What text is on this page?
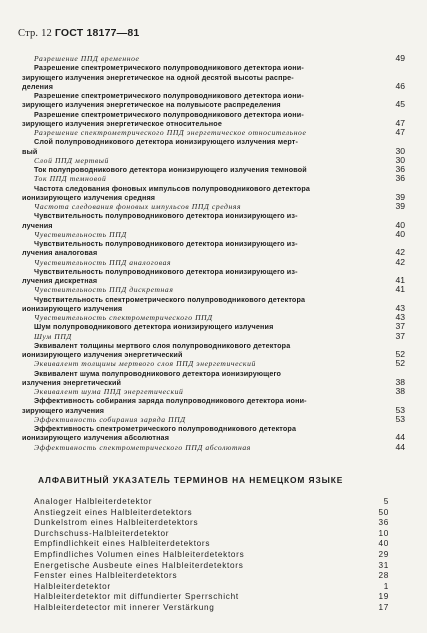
Стр. 12 ГОСТ 18177—81
Разрешение ППД временное	49
Разрешение спектрометрического полупроводникового детектора иони-
зирующего излучения энергетическое на одной десятой высоты распре-
деления	46
Разрешение спектрометрического полупроводникового детектора иони-
зирующего излучения энергетическое на полувысоте распределения	45
Разрешение спектрометрического полупроводникового детектора иони-
зирующего излучения энергетическое относительное	47
Разрешение спектрометрического ППД энергетическое относительное	47
Слой полупроводникового детектора ионизирующего излучения мерт-
вый	30
Слой ППД мертвый	30
Ток полупроводникового детектора ионизирующего излучения темновой	36
Ток ППД темновой	36
Частота следования фоновых импульсов полупроводникового детектора
ионизирующего излучения средняя	39
Частота следования фоновых импульсов ППД средняя	39
Чувствительность полупроводникового детектора ионизирующего из-
лучения	40
Чувствительность ППД	40
Чувствительность полупроводникового детектора ионизирующего из-
лучения аналоговая	42
Чувствительность ППД аналоговая	42
Чувствительность полупроводникового детектора ионизирующего из-
лучения дискретная	41
Чувствительность ППД дискретная	41
Чувствительность спектрометрического полупроводникового детектора
ионизирующего излучения	43
Чувствительность спектрометрического ППД	43
Шум полупроводникового детектора ионизирующего излучения	37
Шум ППД	37
Эквивалент толщины мертвого слоя полупроводникового детектора
ионизирующего излучения энергетический	52
Эквивалент толщины мертвого слоя ППД энергетический	52
Эквивалент шума полупроводникового детектора ионизирующего
излучения энергетический	38
Эквивалент шума ППД энергетический	38
Эффективность собирания заряда полупроводникового детектора иони-
зирующего излучения	53
Эффективность собирания заряда ППД	53
Эффективность спектрометрического полупроводникового детектора
ионизирующего излучения абсолютная	44
Эффективность спектрометрического ППД абсолютная	44
АЛФАВИТНЫЙ УКАЗАТЕЛЬ ТЕРМИНОВ НА НЕМЕЦКОМ ЯЗЫКЕ
Analoger Halbleiterdetektor	5
Anstiegzeit eines Halbleiterdetektors	50
Dunkelstrom eines Halbleiterdetektors	36
Durchschuss-Halbleiterdetektor	10
Empfindlichkeit eines Halbleiterdetektors	40
Empfindliches Volumen eines Halbleiterdetektors	29
Energetische Ausbeute eines Halbleiterdetektors	31
Fenster eines Halbleiterdetektors	28
Halbleiterdetektor	1
Halbleiterdetektor mit diffundierter Sperrschicht	19
Halbleiterdetector mit innerer Verstärkung	17
